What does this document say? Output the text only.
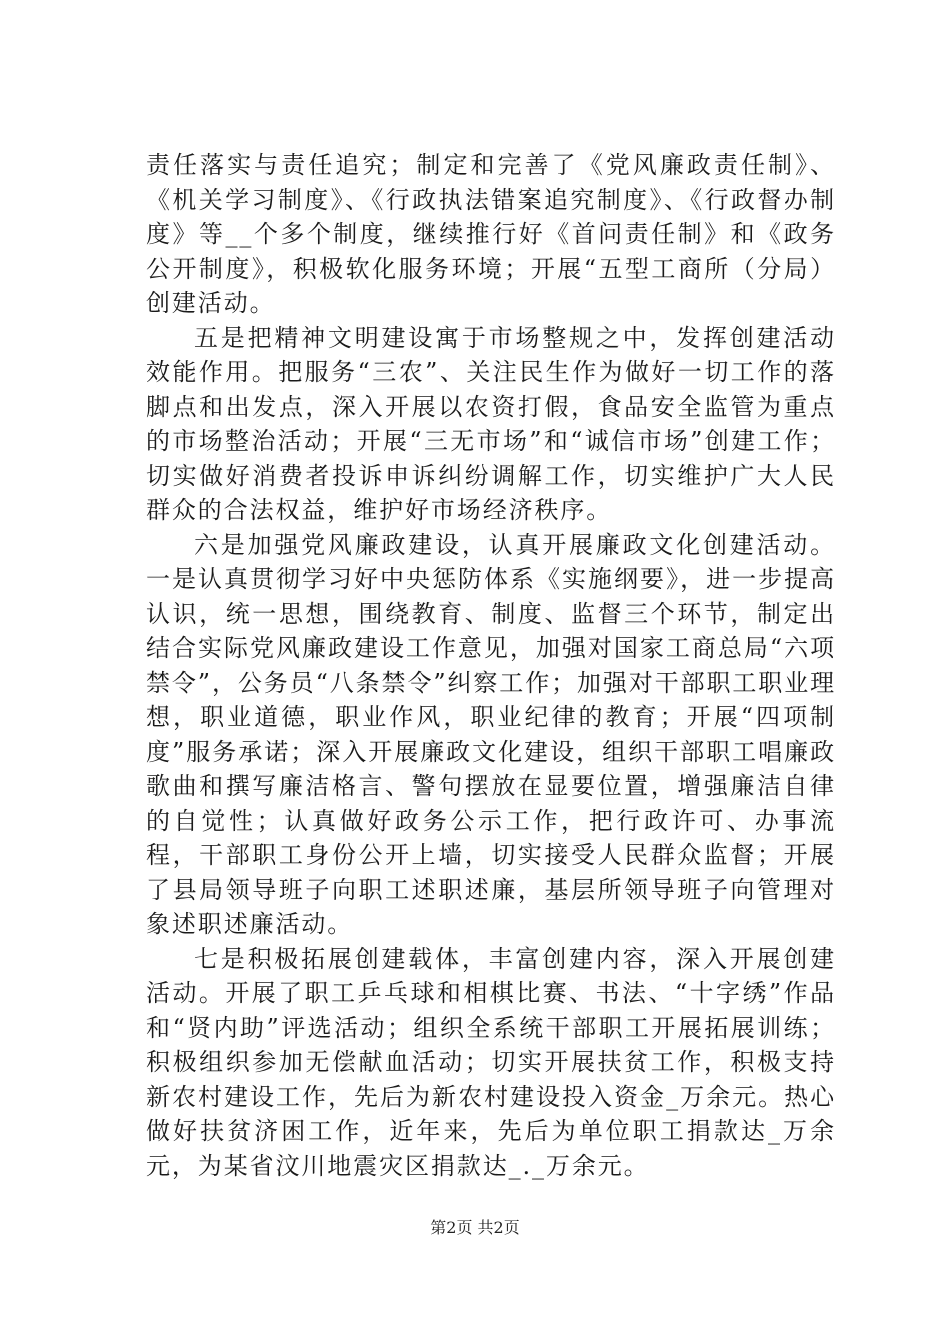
责任落实与责任追究；制定和完善了《党风廉政责任制》、《机关学习制度》、《行政执法错案追究制度》、《行政督办制度》等__个多个制度，继续推行好《首问责任制》和《政务公开制度》，积极软化服务环境；开展“五型工商所（分局）创建活动。

五是把精神文明建设寓于市场整规之中，发挥创建活动效能作用。把服务“三农”、关注民生作为做好一切工作的落脚点和出发点，深入开展以农资打假，食品安全监管为重点的市场整治活动；开展“三无市场”和“诚信市场”创建工作；切实做好消费者投诉申诉纠纷调解工作，切实维护广大人民群众的合法权益，维护好市场经济秩序。

六是加强党风廉政建设，认真开展廉政文化创建活动。一是认真贯彻学习好中央惩防体系《实施纲要》，进一步提高认识，统一思想，围绕教育、制度、监督三个环节，制定出结合实际党风廉政建设工作意见，加强对国家工商总局“六项禁令”，公务员“八条禁令”纠察工作；加强对干部职工职业理想，职业道德，职业作风，职业纪律的教育；开展“四项制度”服务承诺；深入开展廉政文化建设，组织干部职工唱廉政歌曲和撰写廉洁格言、警句摆放在显要位置，增强廉洁自律的自觉性；认真做好政务公示工作，把行政许可、办事流程，干部职工身份公开上墙，切实接受人民群众监督；开展了县局领导班子向职工述职述廉，基层所领导班子向管理对象述职述廉活动。

七是积极拓展创建载体，丰富创建内容，深入开展创建活动。开展了职工乒乓球和相棋比赛、书法、“十字绣”作品和“贤内助”评选活动；组织全系统干部职工开展拓展训练；积极组织参加无偿献血活动；切实开展扶贫工作，积极支持新农村建设工作，先后为新农村建设投入资金_万余元。热心做好扶贫济困工作，近年来，先后为单位职工捐款达_万余元，为某省汶川地震灾区捐款达_._万余元。

第2页 共2页
